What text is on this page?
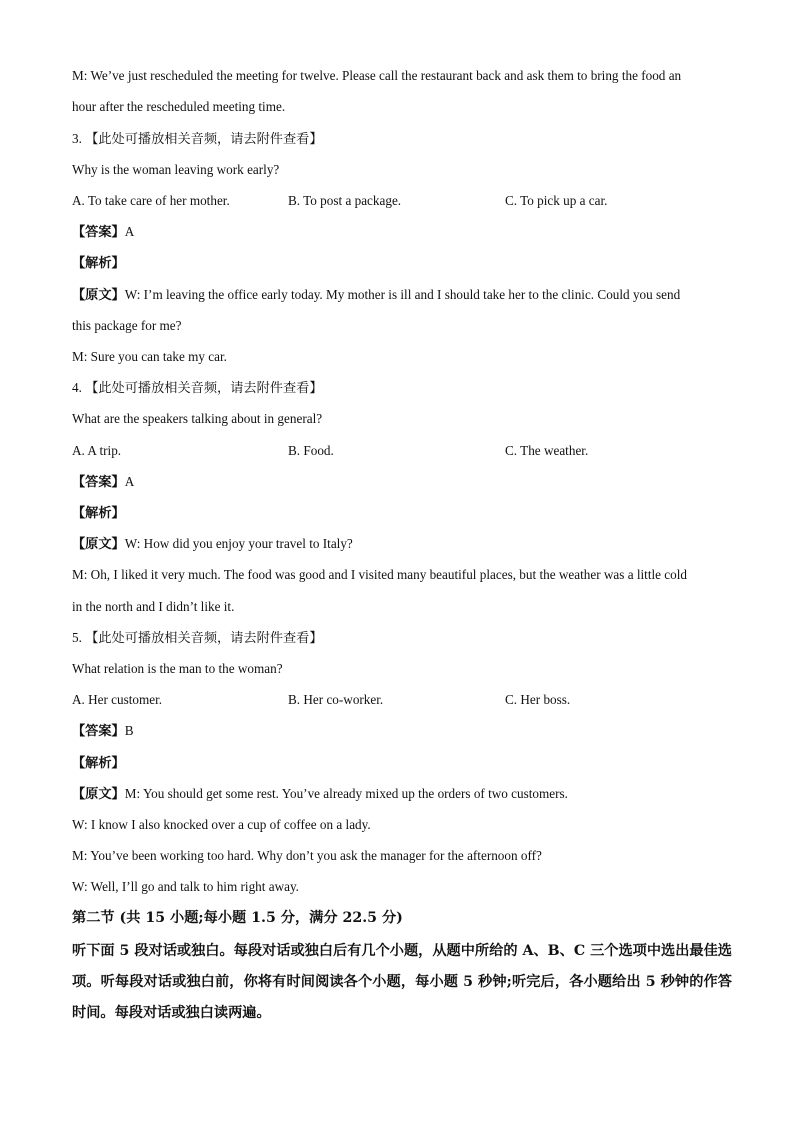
M: We’ve just rescheduled the meeting for twelve. Please call the restaurant back and ask them to bring the food an
hour after the rescheduled meeting time.
3. 【此处可播放相关音频，请去附件查看】
Why is the woman leaving work early?
A. To take care of her mother.	B. To post a package.	C. To pick up a car.
【答案】A
【解析】
【原文】W: I’m leaving the office early today. My mother is ill and I should take her to the clinic. Could you send
this package for me?
M: Sure you can take my car.
4. 【此处可播放相关音频，请去附件查看】
What are the speakers talking about in general?
A. A trip.	B. Food.	C. The weather.
【答案】A
【解析】
【原文】W: How did you enjoy your travel to Italy?
M: Oh, I liked it very much. The food was good and I visited many beautiful places, but the weather was a little cold
in the north and I didn’t like it.
5. 【此处可播放相关音频，请去附件查看】
What relation is the man to the woman?
A. Her customer.	B. Her co-worker.	C. Her boss.
【答案】B
【解析】
【原文】M: You should get some rest. You’ve already mixed up the orders of two customers.
W: I know I also knocked over a cup of coffee on a lady.
M: You’ve been working too hard. Why don’t you ask the manager for the afternoon off?
W: Well, I’ll go and talk to him right away.
第二节 (共 15 小题;每小题 1.5 分，满分 22.5 分)
听下面 5 段对话或独白。每段对话或独白后有几个小题，从题中所给的 A、B、C 三个选项中选出最佳选项。听每段对话或独白前，你将有时间阅读各个小题，每小题 5 秒钟;听完后，各小题给出 5 秒钟的作答时间。每段对话或独白读两遍。
